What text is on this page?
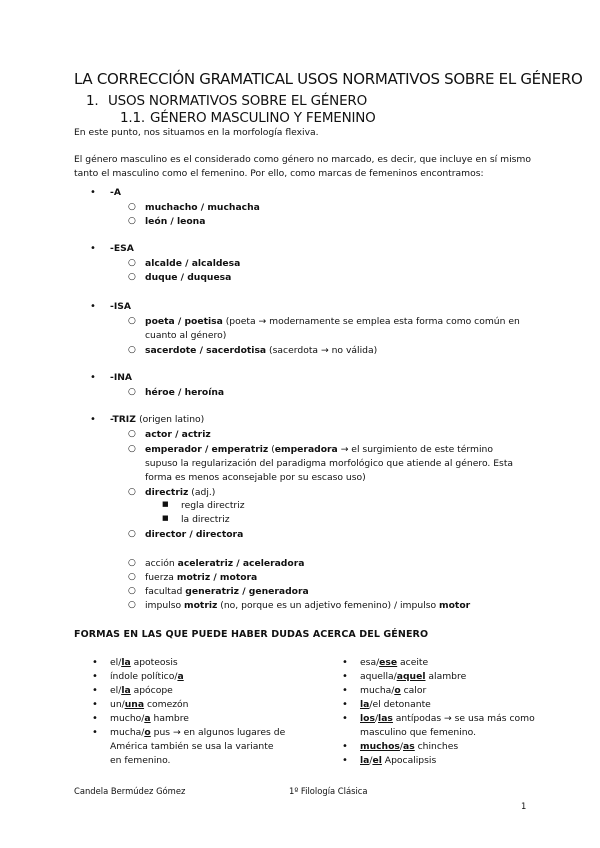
LA CORRECCIÓN GRAMATICAL USOS NORMATIVOS SOBRE EL GÉNERO
1. USOS NORMATIVOS SOBRE EL GÉNERO
1.1. GÉNERO MASCULINO Y FEMENINO
En este punto, nos situamos en la morfología flexiva.
El género masculino es el considerado como género no marcado, es decir, que incluye en sí mismo tanto el masculino como el femenino. Por ello, como marcas de femeninos encontramos:
• -A
○ muchacho / muchacha
○ león / leona
• -ESA
○ alcalde / alcaldesa
○ duque / duquesa
• -ISA
○ poeta / poetisa (poeta → modernamente se emplea esta forma como común en cuanto al género)
○ sacerdote / sacerdotisa (sacerdota → no válida)
• -INA
○ héroe / heroína
• -TRIZ (origen latino)
○ actor / actriz
○ emperador / emperatriz (emperadora → el surgimiento de este término supuso la regularización del paradigma morfológico que atiende al género. Esta forma es menos aconsejable por su escaso uso)
○ directriz (adj.)
■ regla directriz
■ la directriz
○ director / directora
○ acción aceleratriz / aceleradora
○ fuerza motriz / motora
○ facultad generatriz / generadora
○ impulso motriz (no, porque es un adjetivo femenino) / impulso motor
FORMAS EN LAS QUE PUEDE HABER DUDAS ACERCA DEL GÉNERO
• el/la apoteosis
• índole político/a
• el/la apócope
• un/una comezón
• mucho/a hambre
• mucha/o pus → en algunos lugares de América también se usa la variante en femenino.
• esa/ese aceite
• aquella/aquel alambre
• mucha/o calor
• la/el detonante
• los/las antípodas → se usa más como masculino que femenino.
• muchos/as chinches
• la/el Apocalipsis
Candela Bermúdez Gómez	1º Filología Clásica
1
